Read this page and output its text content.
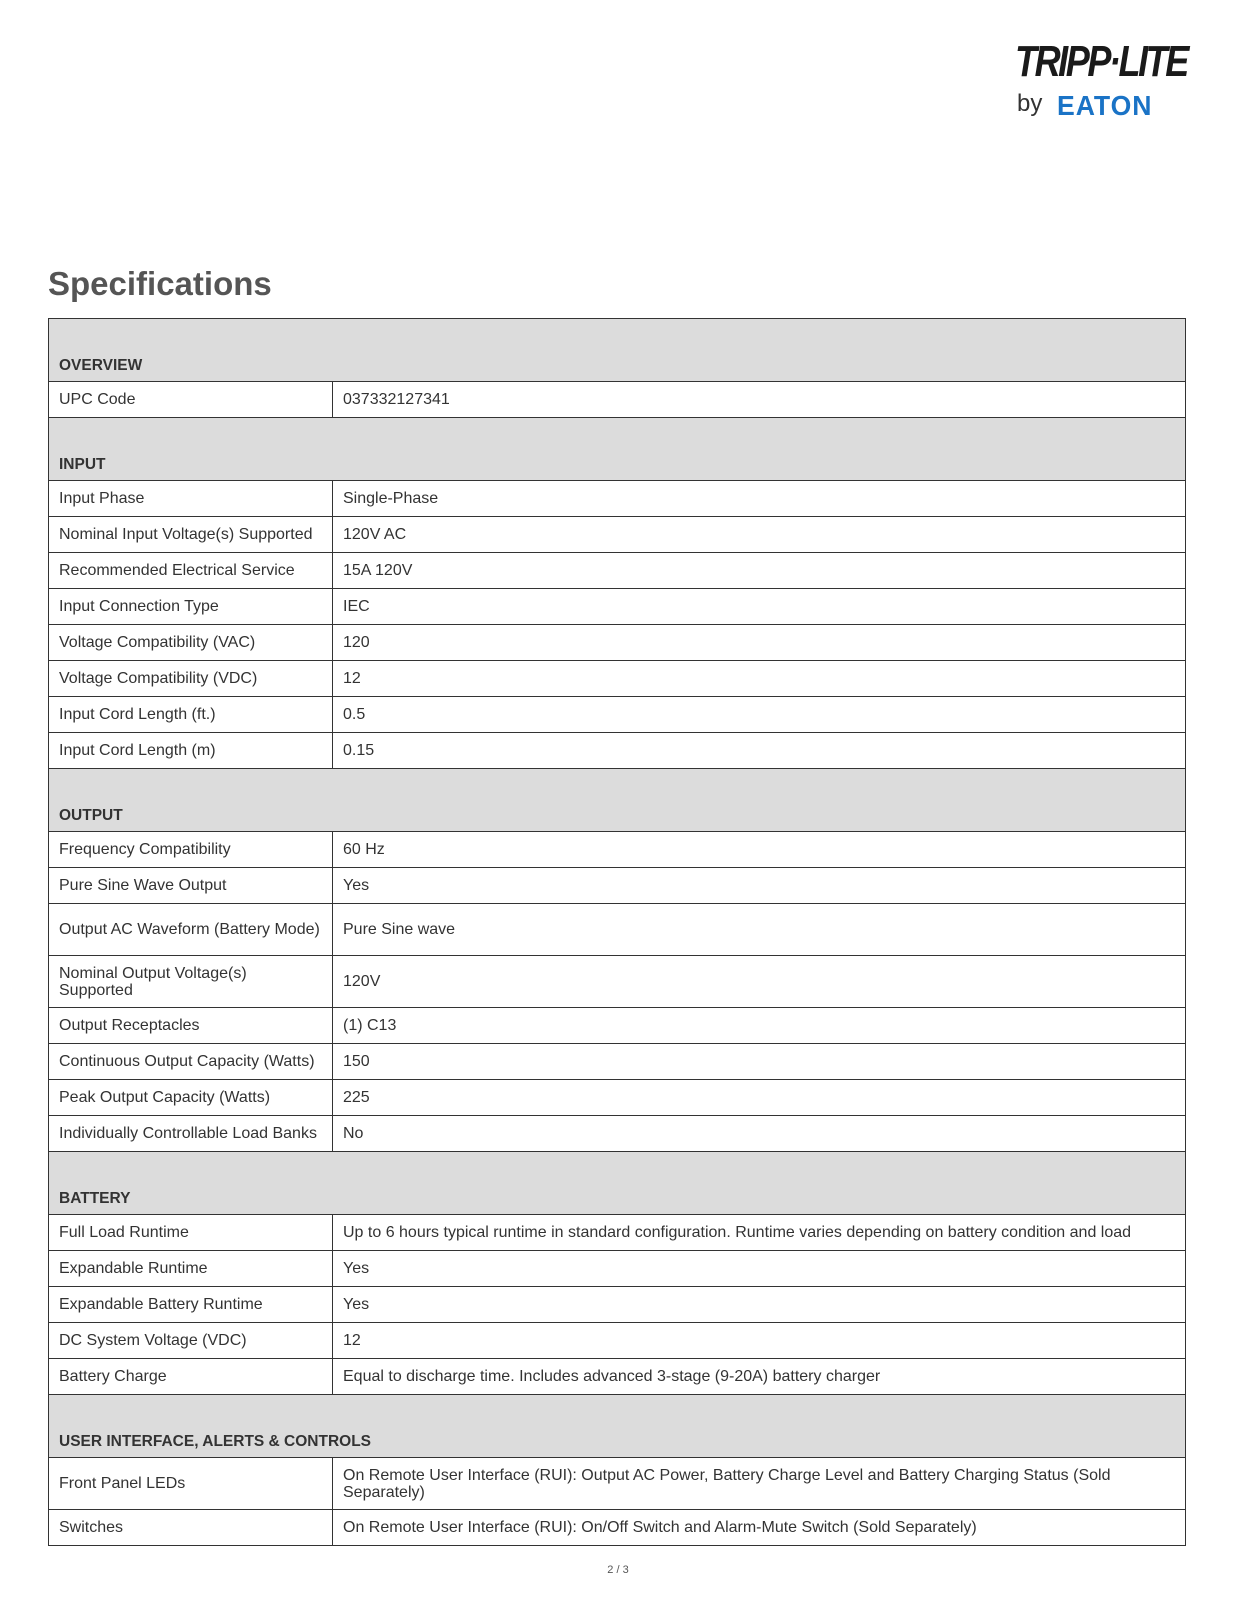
TRIPP·LITE
by EATON
Specifications
OVERVIEW	
UPC Code	037332127341
INPUT	
Input Phase	Single-Phase
Nominal Input Voltage(s) Supported	120V AC
Recommended Electrical Service	15A 120V
Input Connection Type	IEC
Voltage Compatibility (VAC)	120
Voltage Compatibility (VDC)	12
Input Cord Length (ft.)	0.5
Input Cord Length (m)	0.15
OUTPUT	
Frequency Compatibility	60 Hz
Pure Sine Wave Output	Yes
Output AC Waveform (Battery Mode)	Pure Sine wave
Nominal Output Voltage(s) Supported	120V
Output Receptacles	(1) C13
Continuous Output Capacity (Watts)	150
Peak Output Capacity (Watts)	225
Individually Controllable Load Banks	No
BATTERY	
Full Load Runtime	Up to 6 hours typical runtime in standard configuration. Runtime varies depending on battery condition and load
Expandable Runtime	Yes
Expandable Battery Runtime	Yes
DC System Voltage (VDC)	12
Battery Charge	Equal to discharge time. Includes advanced 3-stage (9-20A) battery charger
USER INTERFACE, ALERTS & CONTROLS	
Front Panel LEDs	On Remote User Interface (RUI): Output AC Power, Battery Charge Level and Battery Charging Status (Sold Separately)
Switches	On Remote User Interface (RUI): On/Off Switch and Alarm-Mute Switch (Sold Separately)
2 / 3
